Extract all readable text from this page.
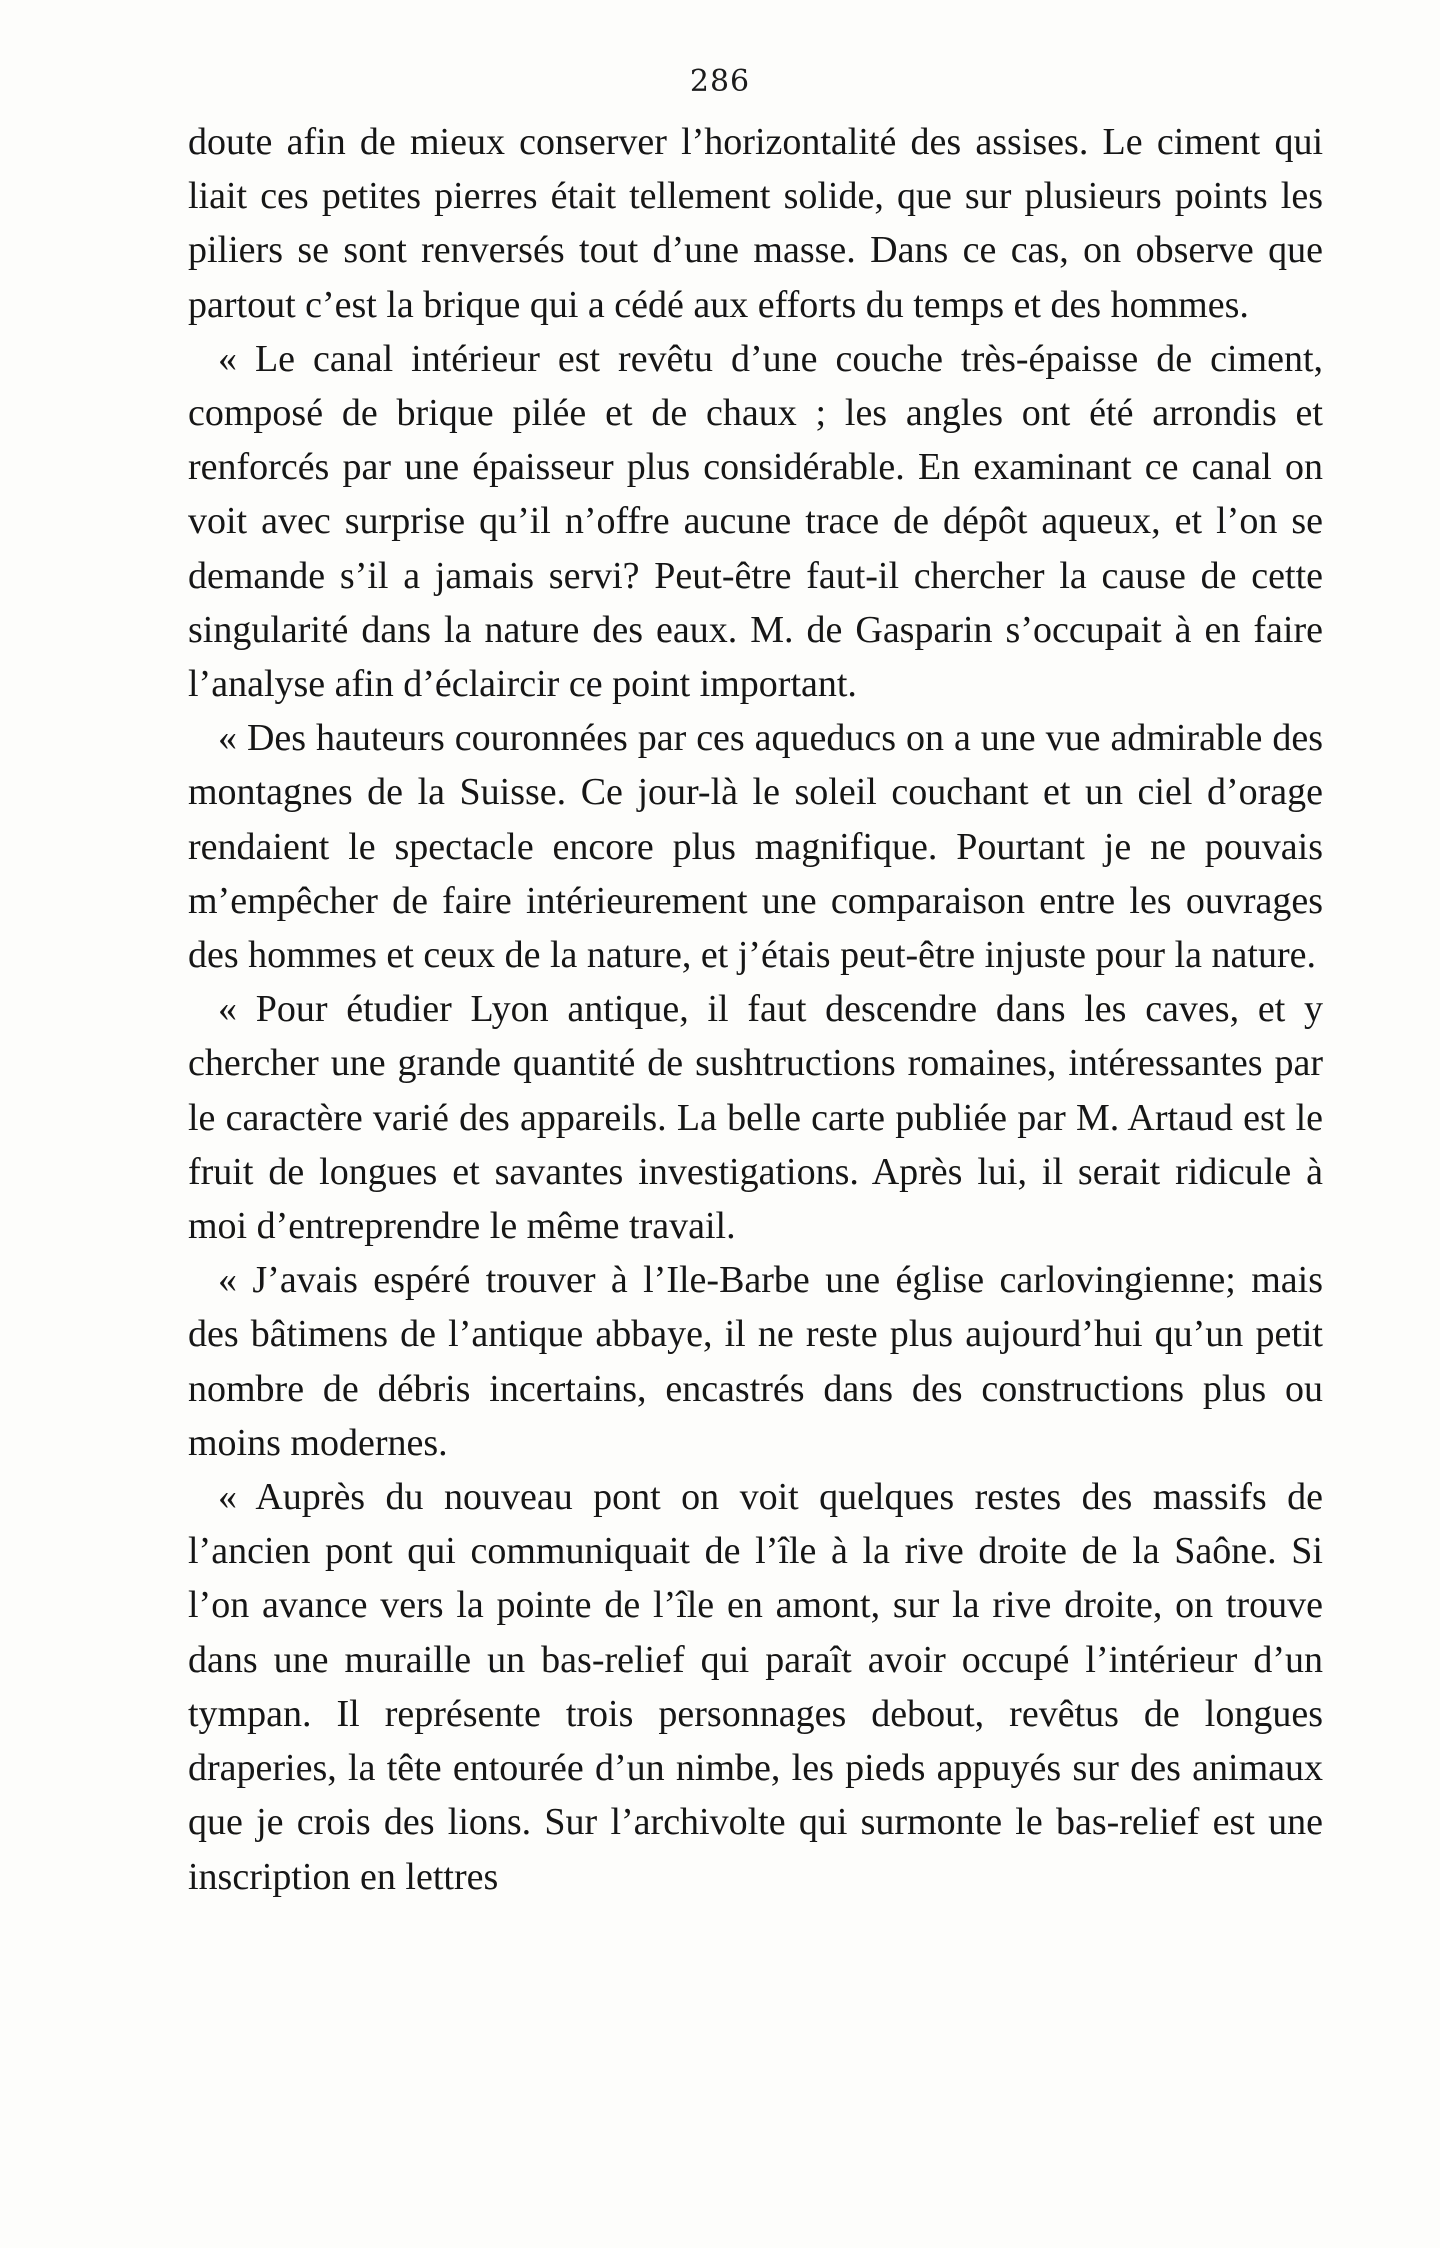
286

doute afin de mieux conserver l’horizontalité des assises. Le ciment qui liait ces petites pierres était tellement solide, que sur plusieurs points les piliers se sont renversés tout d’une masse. Dans ce cas, on observe que partout c’est la brique qui a cédé aux efforts du temps et des hommes.

« Le canal intérieur est revêtu d’une couche très-épaisse de ciment, composé de brique pilée et de chaux ; les angles ont été arrondis et renforcés par une épaisseur plus considérable. En examinant ce canal on voit avec surprise qu’il n’offre aucune trace de dépôt aqueux, et l’on se demande s’il a jamais servi? Peut-être faut-il chercher la cause de cette singularité dans la nature des eaux. M. de Gasparin s’occupait à en faire l’analyse afin d’éclaircir ce point important.

« Des hauteurs couronnées par ces aqueducs on a une vue admirable des montagnes de la Suisse. Ce jour-là le soleil couchant et un ciel d’orage rendaient le spectacle encore plus magnifique. Pourtant je ne pouvais m’empêcher de faire intérieurement une comparaison entre les ouvrages des hommes et ceux de la nature, et j’étais peut-être injuste pour la nature.

« Pour étudier Lyon antique, il faut descendre dans les caves, et y chercher une grande quantité de sushtructions romaines, intéressantes par le caractère varié des appareils. La belle carte publiée par M. Artaud est le fruit de longues et savantes investigations. Après lui, il serait ridicule à moi d’entreprendre le même travail.

« J’avais espéré trouver à l’Ile-Barbe une église carlovingienne; mais des bâtimens de l’antique abbaye, il ne reste plus aujourd’hui qu’un petit nombre de débris incertains, encastrés dans des constructions plus ou moins modernes.

« Auprès du nouveau pont on voit quelques restes des massifs de l’ancien pont qui communiquait de l’île à la rive droite de la Saône. Si l’on avance vers la pointe de l’île en amont, sur la rive droite, on trouve dans une muraille un bas-relief qui paraît avoir occupé l’intérieur d’un tympan. Il représente trois personnages debout, revêtus de longues draperies, la tête entourée d’un nimbe, les pieds appuyés sur des animaux que je crois des lions. Sur l’archivolte qui surmonte le bas-relief est une inscription en lettres
